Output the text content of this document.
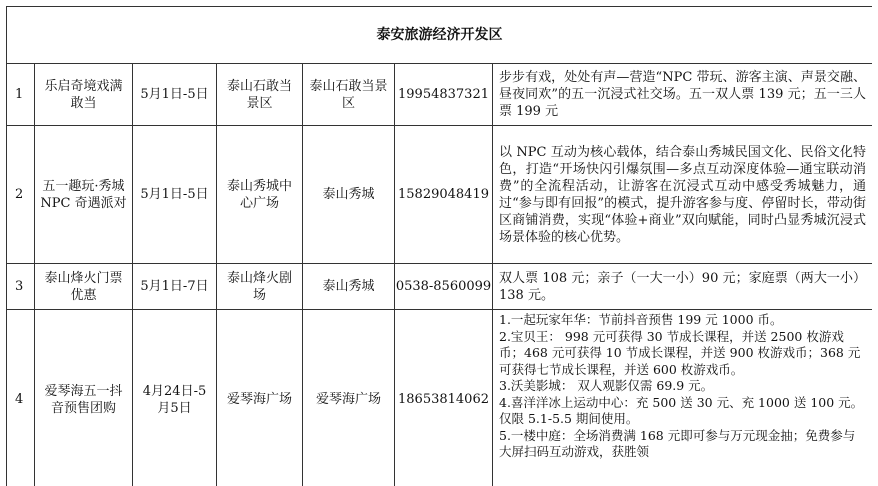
泰安旅游经济开发区						
1	乐启奇境戏满敢当	5月1日-5日	泰山石敢当景区	泰山石敢当景区	19954837321	步步有戏，处处有声—营造“NPC 带玩、游客主演、声景交融、昼夜同欢”的五一沉浸式社交场。五一双人票 139 元；五一三人票 199 元
2	五一趣玩·秀城NPC 奇遇派对	5月1日-5日	泰山秀城中心广场	泰山秀城	15829048419	以 NPC 互动为核心载体，结合泰山秀城民国文化、民俗文化特色，打造“开场快闪引爆氛围—多点互动深度体验—通宝联动消费”的全流程活动，让游客在沉浸式互动中感受秀城魅力，通过“参与即有回报”的模式，提升游客参与度、停留时长，带动街区商铺消费，实现“体验+商业”双向赋能，同时凸显秀城沉浸式场景体验的核心优势。
3	泰山烽火门票优惠	5月1日-7日	泰山烽火剧场	泰山秀城	0538-8560099	双人票 108 元；亲子（一大一小）90 元；家庭票（两大一小）138 元。
4	爱琴海五一抖音预售团购	4月24日-5月5日	爱琴海广场	爱琴海广场	18653814062	1.一起玩家年华：节前抖音预售 199 元 1000 币。
2.宝贝王： 998 元可获得 30 节成长课程，并送 2500 枚游戏币；468 元可获得 10 节成长课程，并送 900 枚游戏币；368 元可获得七节成长课程，并送 600 枚游戏币。
3.沃美影城： 双人观影仅需 69.9 元。
4.喜洋洋冰上运动中心：充 500 送 30 元、充 1000 送 100 元。仅限 5.1-5.5 期间使用。
5.一楼中庭：全场消费满 168 元即可参与万元现金抽；免费参与大屏扫码互动游戏，获胜领
